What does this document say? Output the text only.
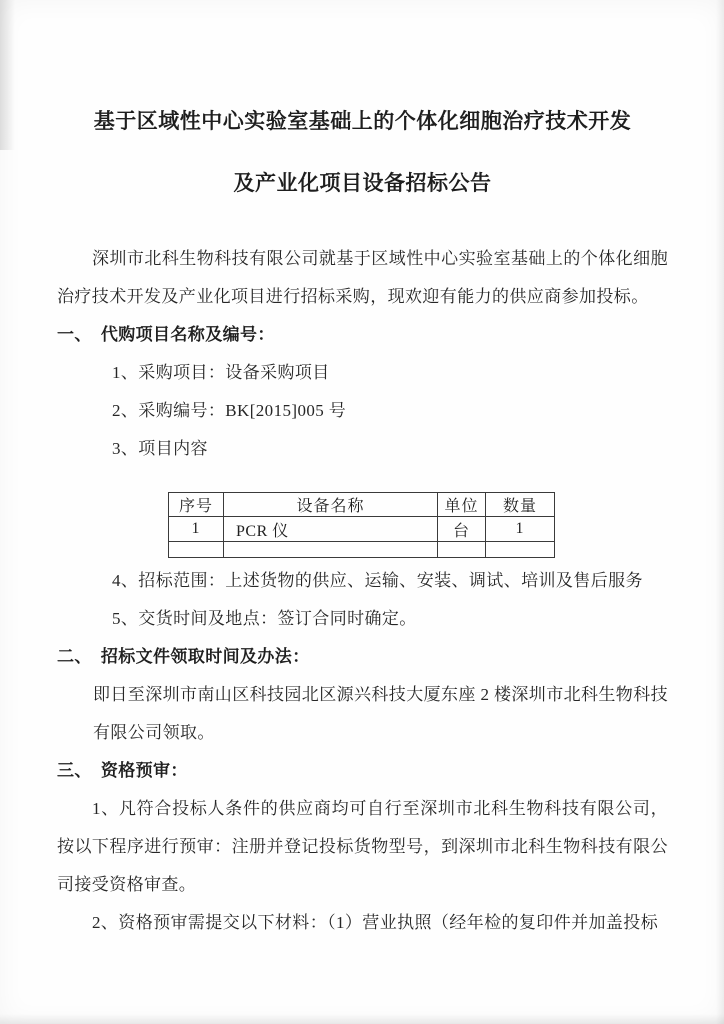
基于区域性中心实验室基础上的个体化细胞治疗技术开发
及产业化项目设备招标公告

深圳市北科生物科技有限公司就基于区域性中心实验室基础上的个体化细胞治疗技术开发及产业化项目进行招标采购，现欢迎有能力的供应商参加投标。

一、 代购项目名称及编号：

1、采购项目：设备采购项目

2、采购编号：BK[2015]005 号

3、项目内容

序号	设备名称	单位	数量
1	PCR 仪	台	1

4、招标范围：上述货物的供应、运输、安装、调试、培训及售后服务

5、交货时间及地点：签订合同时确定。

二、 招标文件领取时间及办法：

即日至深圳市南山区科技园北区源兴科技大厦东座 2 楼深圳市北科生物科技有限公司领取。

三、 资格预审：

1、凡符合投标人条件的供应商均可自行至深圳市北科生物科技有限公司，按以下程序进行预审：注册并登记投标货物型号，到深圳市北科生物科技有限公司接受资格审查。

2、资格预审需提交以下材料：（1）营业执照（经年检的复印件并加盖投标
